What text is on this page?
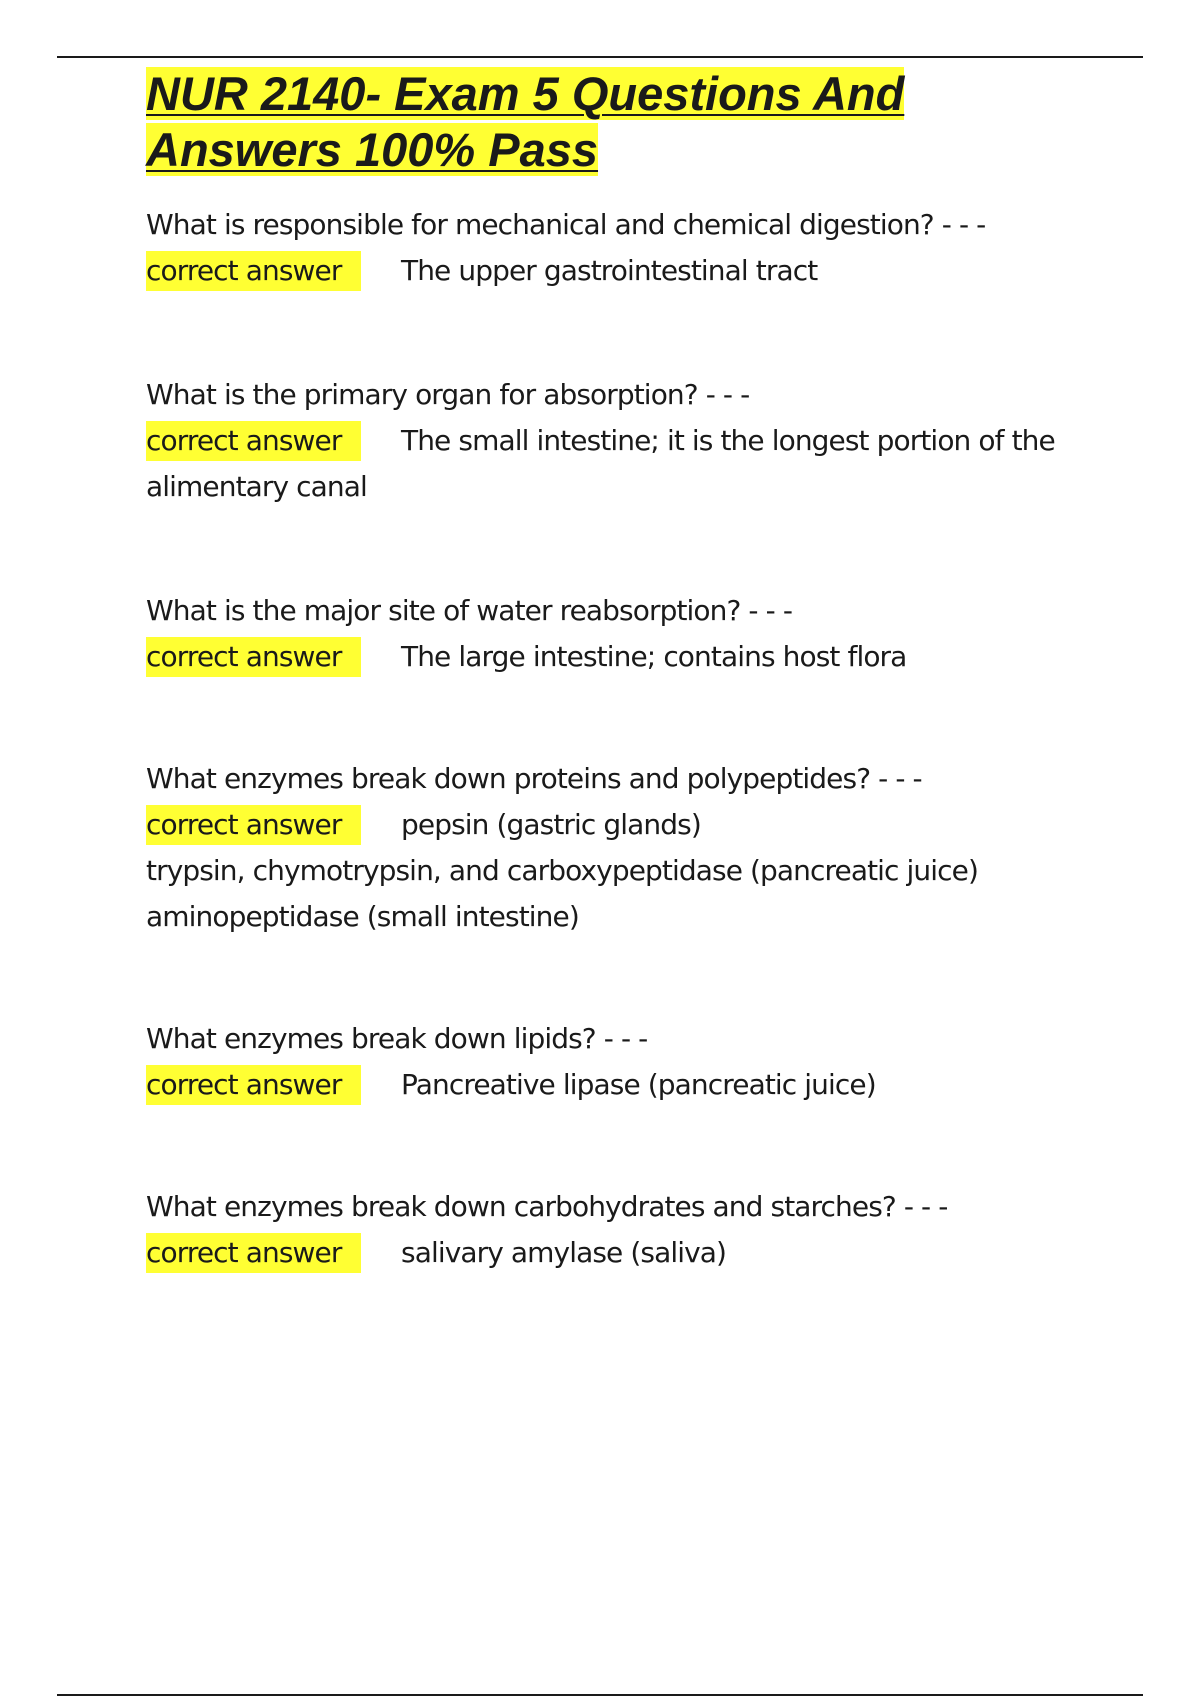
NUR 2140- Exam 5 Questions And
Answers 100% Pass

What is responsible for mechanical and chemical digestion? - - -

correct answer The upper gastrointestinal tract

What is the primary organ for absorption? - - -

correct answer The small intestine; it is the longest portion of the alimentary canal

What is the major site of water reabsorption? - - -

correct answer The large intestine; contains host flora

What enzymes break down proteins and polypeptides? - - -

correct answer pepsin (gastric glands)

trypsin, chymotrypsin, and carboxypeptidase (pancreatic juice)

aminopeptidase (small intestine)

What enzymes break down lipids? - - -

correct answer Pancreative lipase (pancreatic juice)

What enzymes break down carbohydrates and starches? - - -

correct answer salivary amylase (saliva)
